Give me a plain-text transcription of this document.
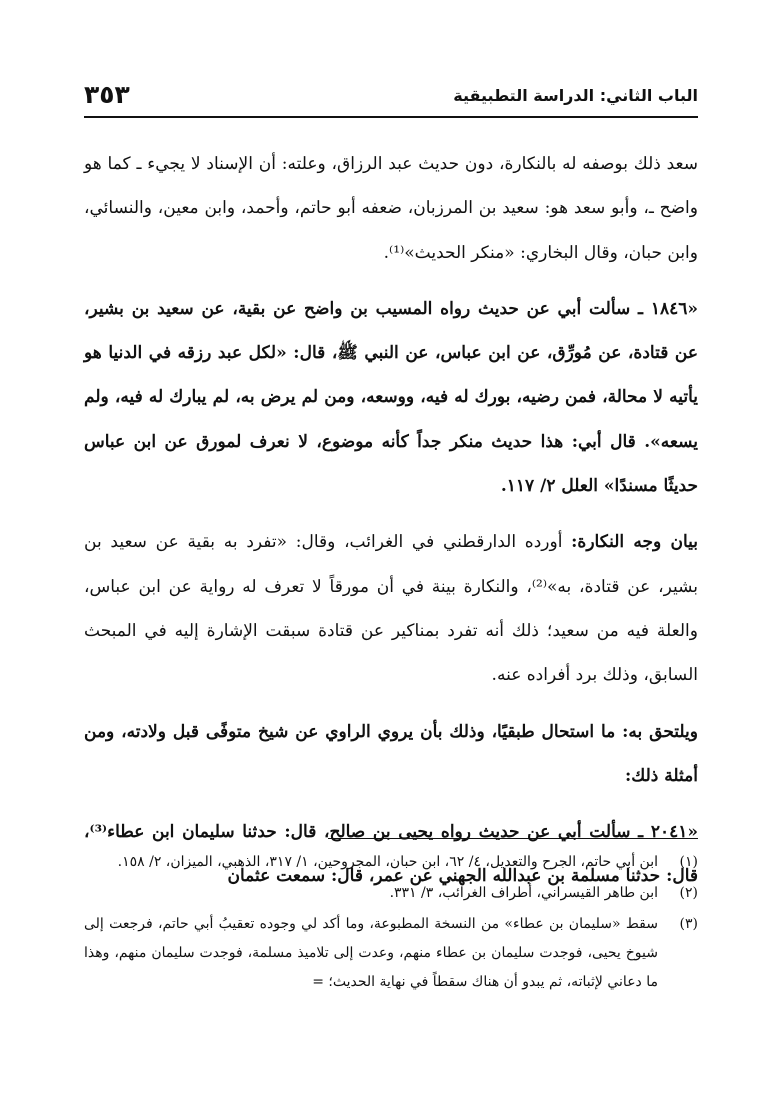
الباب الثاني: الدراسة التطبيقية
٣٥٣

سعد ذلك بوصفه له بالنكارة، دون حديث عبد الرزاق، وعلته: أن الإسناد لا يجيء ـ كما هو واضح ـ، وأبو سعد هو: سعيد بن المرزبان، ضعفه أبو حاتم، وأحمد، وابن معين، والنسائي، وابن حبان، وقال البخاري: «منكر الحديث»⁽¹⁾.

«١٨٤٦ ـ سألت أبي عن حديث رواه المسيب بن واضح عن بقية، عن سعيد بن بشير، عن قتادة، عن مُورِّق، عن ابن عباس، عن النبي ﷺ، قال: «لكل عبد رزقه في الدنيا هو يأتيه لا محالة، فمن رضيه، بورك له فيه، ووسعه، ومن لم يرض به، لم يبارك له فيه، ولم يسعه». قال أبي: هذا حديث منكر جداً كأنه موضوع، لا نعرف لمورق عن ابن عباس حديثًا مسندًا» العلل ٢/ ١١٧.

بيان وجه النكارة: أورده الدارقطني في الغرائب، وقال: «تفرد به بقية عن سعيد بن بشير، عن قتادة، به»⁽²⁾، والنكارة بينة في أن مورقاً لا تعرف له رواية عن ابن عباس، والعلة فيه من سعيد؛ ذلك أنه تفرد بمناكير عن قتادة سبقت الإشارة إليه في المبحث السابق، وذلك برد أفراده عنه.

ويلتحق به: ما استحال طبقيًا، وذلك بأن يروي الراوي عن شيخ متوفًى قبل ولادته، ومن أمثلة ذلك:

«٢٠٤١ ـ سألت أبي عن حديث رواه يحيى بن صالح، قال: حدثنا سليمان ابن عطاء⁽³⁾، قال: حدثنا مسلمة بن عبدالله الجهني عن عمر، قال: سمعت عثمان

(١)
ابن أبي حاتم، الجرح والتعديل، ٤/ ٦٢، ابن حبان، المجروحين، ١/ ٣١٧، الذهبي، الميزان، ٢/ ١٥٨.
(٢)
ابن طاهر القيسراني، أطراف الغرائب، ٣/ ٣٣١.
(٣)
سقط «سليمان بن عطاء» من النسخة المطبوعة، وما أكد لي وجوده تعقيبُ أبي حاتم، فرجعت إلى شيوخ يحيى، فوجدت سليمان بن عطاء منهم، وعدت إلى تلاميذ مسلمة، فوجدت سليمان منهم، وهذا ما دعاني لإثباته، ثم يبدو أن هناك سقطاً في نهاية الحديث؛ =
